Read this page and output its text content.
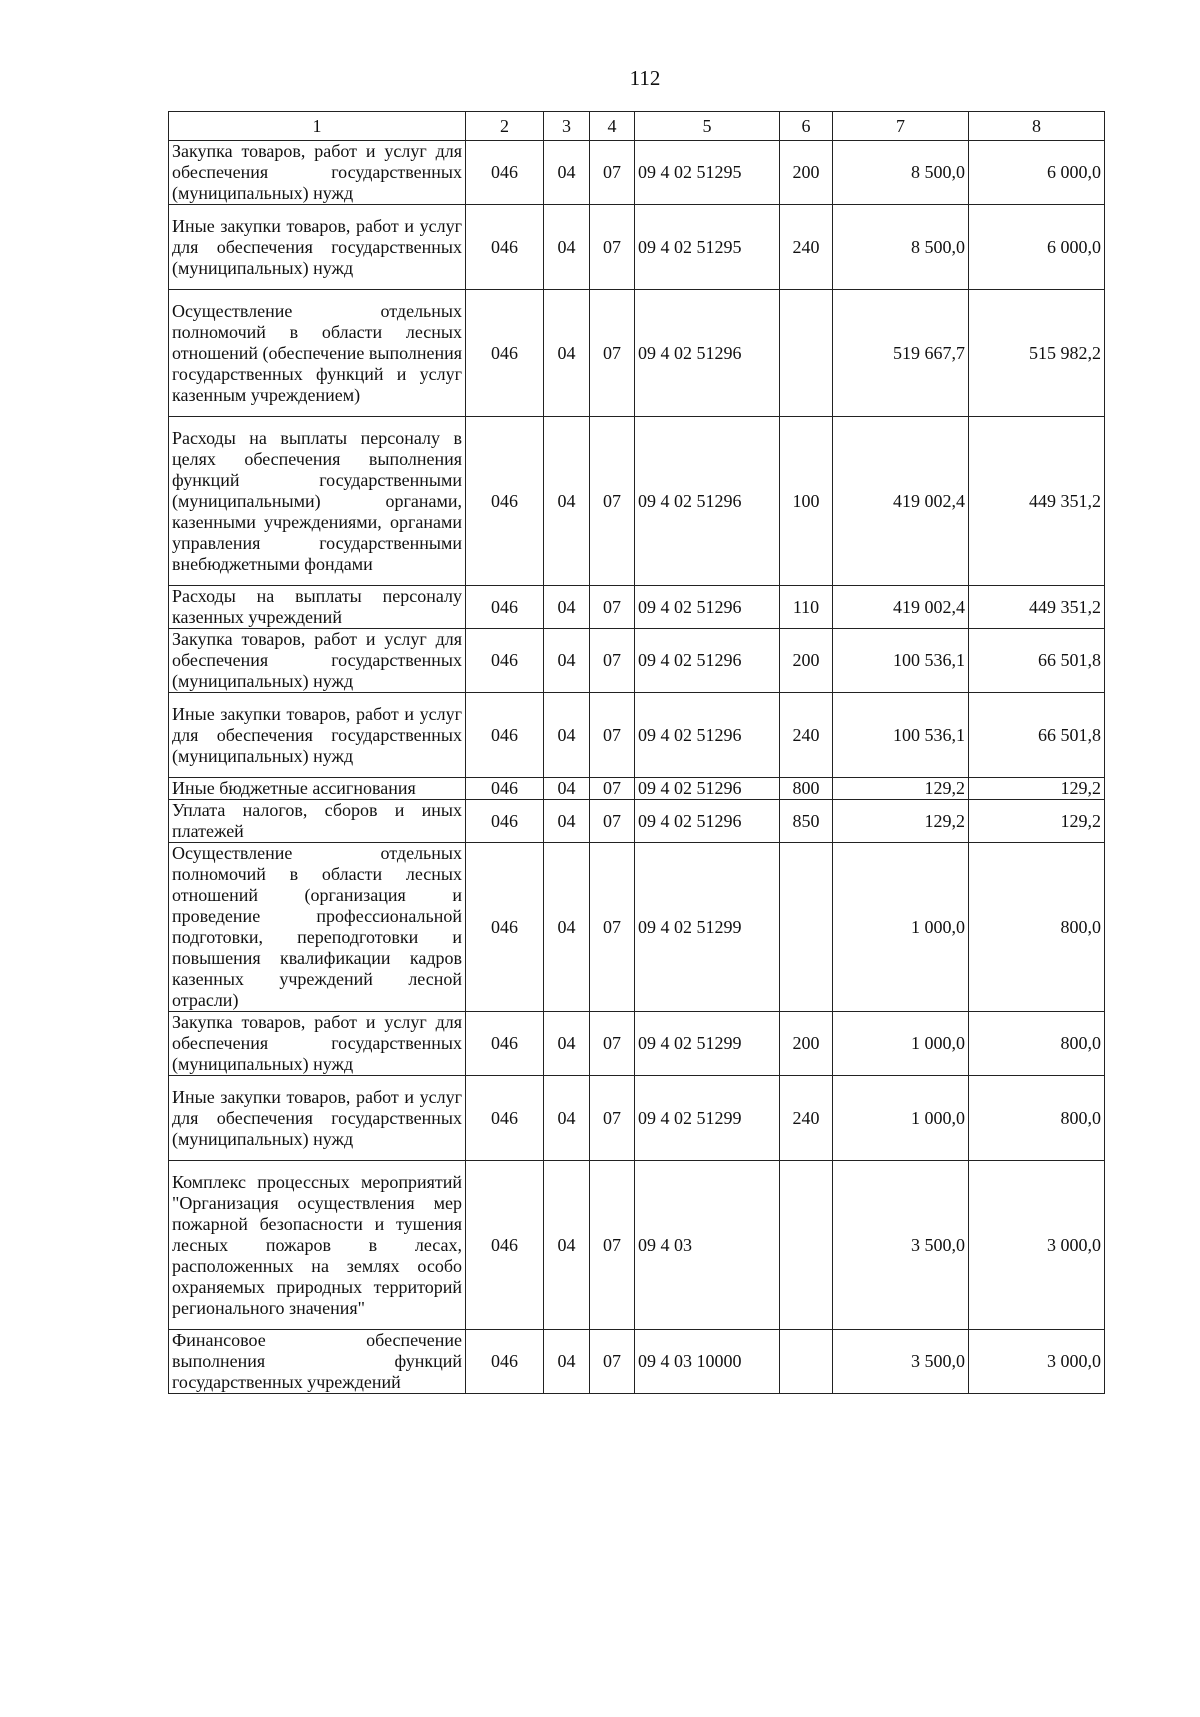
112
1	2	3	4	5	6	7	8
Закупка товаров, работ и услуг для обеспечения государственных (муниципальных) нужд	046	04	07	09 4 02 51295	200	8 500,0	6 000,0
Иные закупки товаров, работ и услуг для обеспечения государственных (муниципальных) нужд	046	04	07	09 4 02 51295	240	8 500,0	6 000,0
Осуществление отдельных полномочий в области лесных отношений (обеспечение выполнения государственных функций и услуг казенным учреждением)	046	04	07	09 4 02 51296		519 667,7	515 982,2
Расходы на выплаты персоналу в целях обеспечения выполнения функций государственными (муниципальными) органами, казенными учреждениями, органами управления государственными внебюджетными фондами	046	04	07	09 4 02 51296	100	419 002,4	449 351,2
Расходы на выплаты персоналу казенных учреждений	046	04	07	09 4 02 51296	110	419 002,4	449 351,2
Закупка товаров, работ и услуг для обеспечения государственных (муниципальных) нужд	046	04	07	09 4 02 51296	200	100 536,1	66 501,8
Иные закупки товаров, работ и услуг для обеспечения государственных (муниципальных) нужд	046	04	07	09 4 02 51296	240	100 536,1	66 501,8
Иные бюджетные ассигнования	046	04	07	09 4 02 51296	800	129,2	129,2
Уплата налогов, сборов и иных платежей	046	04	07	09 4 02 51296	850	129,2	129,2
Осуществление отдельных полномочий в области лесных отношений (организация и проведение профессиональной подготовки, переподготовки и повышения квалификации кадров казенных учреждений лесной отрасли)	046	04	07	09 4 02 51299		1 000,0	800,0
Закупка товаров, работ и услуг для обеспечения государственных (муниципальных) нужд	046	04	07	09 4 02 51299	200	1 000,0	800,0
Иные закупки товаров, работ и услуг для обеспечения государственных (муниципальных) нужд	046	04	07	09 4 02 51299	240	1 000,0	800,0
Комплекс процессных мероприятий "Организация осуществления мер пожарной безопасности и тушения лесных пожаров в лесах, расположенных на землях особо охраняемых природных территорий регионального значения"	046	04	07	09 4 03		3 500,0	3 000,0
Финансовое обеспечение выполнения функций государственных учреждений	046	04	07	09 4 03 10000		3 500,0	3 000,0
